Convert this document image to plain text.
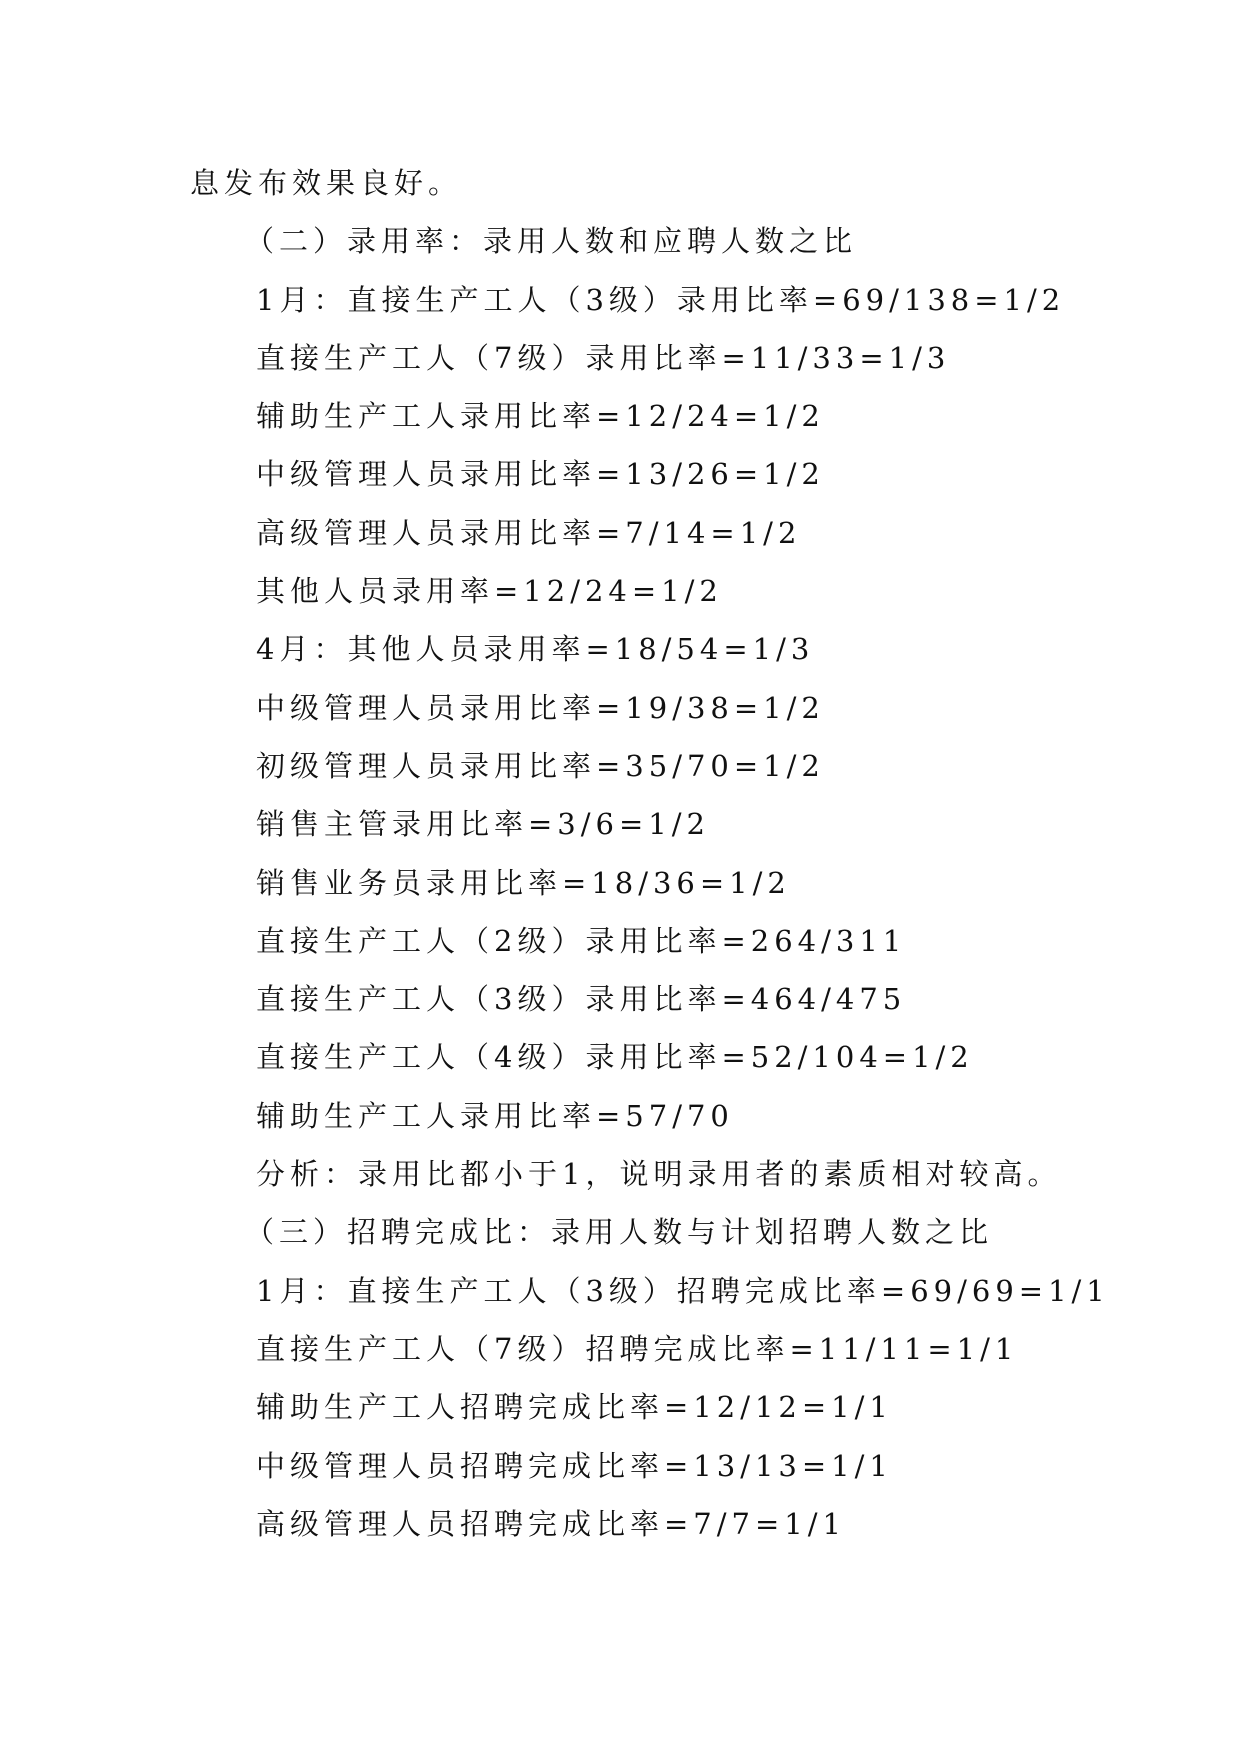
息发布效果良好。
（二）录用率：录用人数和应聘人数之比
1月：直接生产工人（3级）录用比率=69/138=1/2
直接生产工人（7级）录用比率=11/33=1/3
辅助生产工人录用比率=12/24=1/2
中级管理人员录用比率=13/26=1/2
高级管理人员录用比率=7/14=1/2
其他人员录用率=12/24=1/2
4月：其他人员录用率=18/54=1/3
中级管理人员录用比率=19/38=1/2
初级管理人员录用比率=35/70=1/2
销售主管录用比率=3/6=1/2
销售业务员录用比率=18/36=1/2
直接生产工人（2级）录用比率=264/311
直接生产工人（3级）录用比率=464/475
直接生产工人（4级）录用比率=52/104=1/2
辅助生产工人录用比率=57/70
分析：录用比都小于1，说明录用者的素质相对较高。
（三）招聘完成比：录用人数与计划招聘人数之比
1月：直接生产工人（3级）招聘完成比率=69/69=1/1
直接生产工人（7级）招聘完成比率=11/11=1/1
辅助生产工人招聘完成比率=12/12=1/1
中级管理人员招聘完成比率=13/13=1/1
高级管理人员招聘完成比率=7/7=1/1
